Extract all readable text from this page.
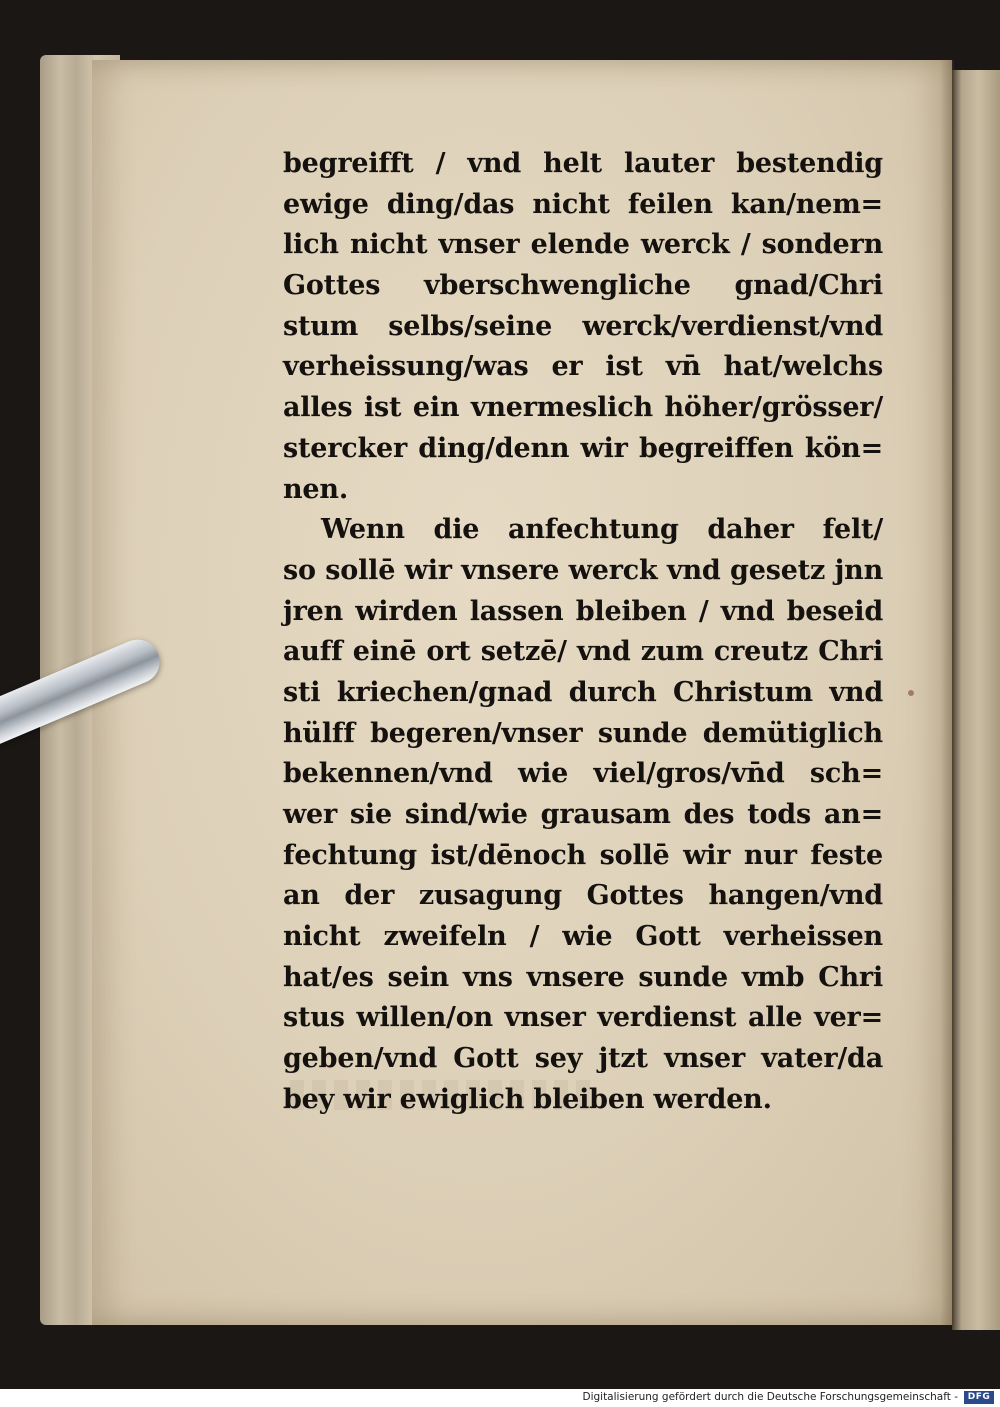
begreifft / vnd helt lauter bestendig
ewige ding/das nicht feilen kan/nem=
lich nicht vnser elende werck / sondern
Gottes vberschwengliche gnad/Chri
stum selbs/seine werck/verdienst/vnd
verheissung/was er ist vn̄ hat/welchs
alles ist ein vnermeslich höher/grösser/
stercker ding/denn wir begreiffen kön=
nen.
Wenn die anfechtung daher felt/
so sollē wir vnsere werck vnd gesetz jnn
jren wirden lassen bleiben / vnd beseid
auff einē ort setzē/ vnd zum creutz Chri
sti kriechen/gnad durch Christum vnd
hülff begeren/vnser sunde demütiglich
bekennen/vnd wie viel/gros/vn̄d sch=
wer sie sind/wie grausam des tods an=
fechtung ist/dēnoch sollē wir nur feste
an der zusagung Gottes hangen/vnd
nicht zweifeln / wie Gott verheissen
hat/es sein vns vnsere sunde vmb Chri
stus willen/on vnser verdienst alle ver=
geben/vnd Gott sey jtzt vnser vater/da
bey wir ewiglich bleiben werden.
Digitalisierung gefördert durch die Deutsche Forschungsgemeinschaft -	DFG
